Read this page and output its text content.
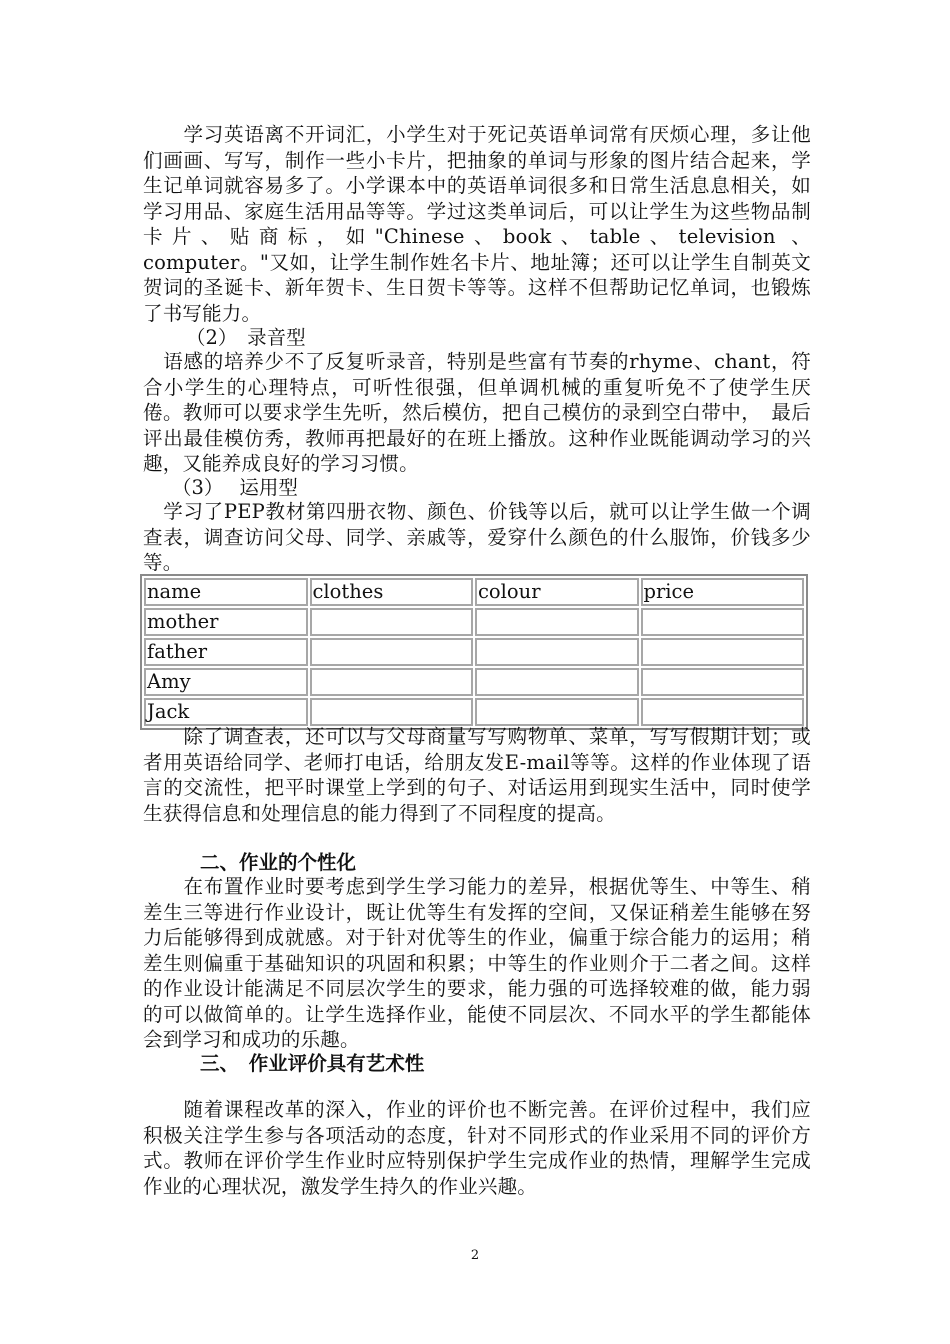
　　学习英语离不开词汇，小学生对于死记英语单词常有厌烦心理，多让他们画画、写写，制作一些小卡片，把抽象的单词与形象的图片结合起来，学生记单词就容易多了。小学课本中的英语单词很多和日常生活息息相关，如学习用品、家庭生活用品等等。学过这类单词后，可以让学生为这些物品制卡片、贴商标，如"Chinese、book、table、television 、computer。"又如，让学生制作姓名卡片、地址簿；还可以让学生自制英文贺词的圣诞卡、新年贺卡、生日贺卡等等。这样不但帮助记忆单词，也锻炼了书写能力。

（2）　录音型

　语感的培养少不了反复听录音，特别是些富有节奏的rhyme、chant，符合小学生的心理特点，可听性很强，但单调机械的重复听免不了使学生厌倦。教师可以要求学生先听，然后模仿，把自己模仿的录到空白带中，　最后评出最佳模仿秀，教师再把最好的在班上播放。这种作业既能调动学习的兴趣，又能养成良好的学习习惯。

（3）　 运用型

　学习了PEP教材第四册衣物、颜色、价钱等以后，就可以让学生做一个调查表，调查访问父母、同学、亲戚等，爱穿什么颜色的什么服饰，价钱多少等。

name	clothes	colour	price
mother			
father			
Amy			
Jack			

　　除了调查表，还可以与父母商量写写购物单、菜单，写写假期计划；或者用英语给同学、老师打电话，给朋友发E-mail等等。这样的作业体现了语言的交流性，把平时课堂上学到的句子、对话运用到现实生活中，同时使学生获得信息和处理信息的能力得到了不同程度的提高。

二、作业的个性化

　　在布置作业时要考虑到学生学习能力的差异，根据优等生、中等生、稍差生三等进行作业设计，既让优等生有发挥的空间，又保证稍差生能够在努力后能够得到成就感。对于针对优等生的作业，偏重于综合能力的运用；稍差生则偏重于基础知识的巩固和积累；中等生的作业则介于二者之间。这样的作业设计能满足不同层次学生的要求，能力强的可选择较难的做，能力弱的可以做简单的。让学生选择作业，能使不同层次、不同水平的学生都能体会到学习和成功的乐趣。

三、　作业评价具有艺术性

　　随着课程改革的深入，作业的评价也不断完善。在评价过程中，我们应积极关注学生参与各项活动的态度，针对不同形式的作业采用不同的评价方式。教师在评价学生作业时应特别保护学生完成作业的热情，理解学生完成作业的心理状况，激发学生持久的作业兴趣。

2
